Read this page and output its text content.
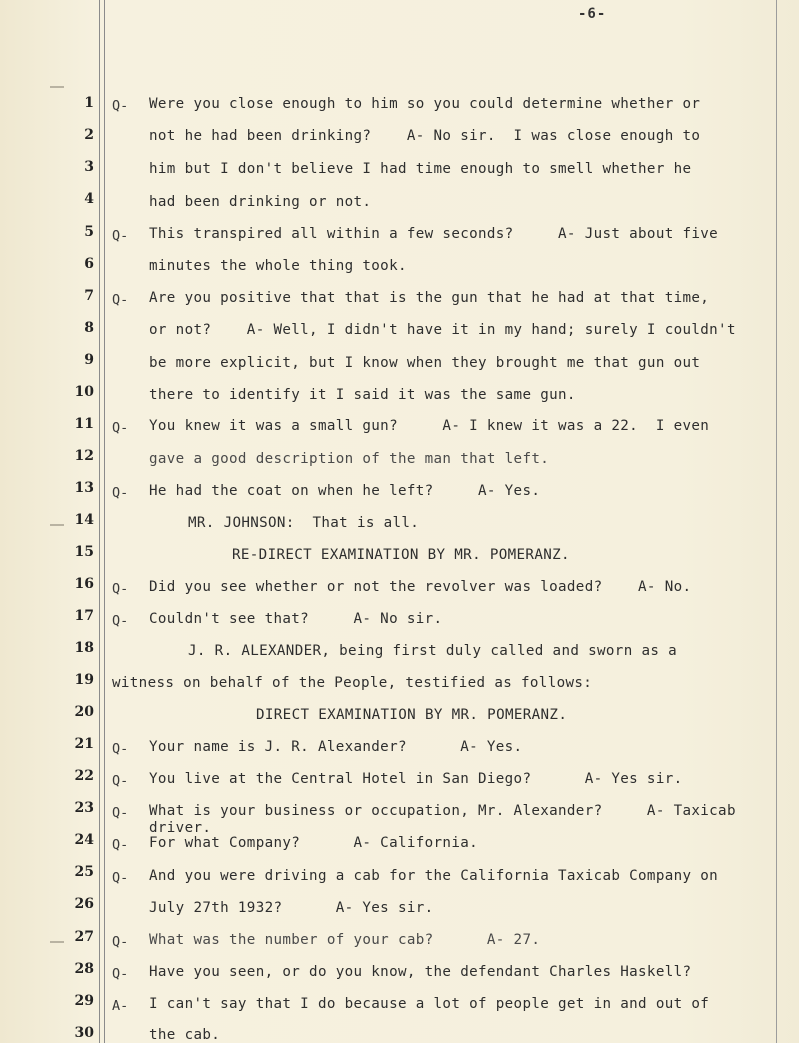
-6-
1
2
3
4
5
6
7
8
9
10
11
12
13
14
15
16
17
18
19
20
21
22
23
24
25
26
27
28
29
30
Q-
Q-
Q-
Q-
Q-
Q-
Q-
Q-
Q-
Q-
Q-
Q-
Q-
Q-
A-
Were you close enough to him so you could determine whether or
not he had been drinking?    A- No sir.  I was close enough to
him but I don't believe I had time enough to smell whether he
had been drinking or not.
This transpired all within a few seconds?     A- Just about five
minutes the whole thing took.
Are you positive that that is the gun that he had at that time,
or not?    A- Well, I didn't have it in my hand; surely I couldn't
be more explicit, but I know when they brought me that gun out
there to identify it I said it was the same gun.
You knew it was a small gun?     A- I knew it was a 22.  I even
gave a good description of the man that left.
He had the coat on when he left?     A- Yes.
MR. JOHNSON:  That is all.
RE-DIRECT EXAMINATION BY MR. POMERANZ.
Did you see whether or not the revolver was loaded?    A- No.
Couldn't see that?     A- No sir.
J. R. ALEXANDER, being first duly called and sworn as a
witness on behalf of the People, testified as follows:
DIRECT EXAMINATION BY MR. POMERANZ.
Your name is J. R. Alexander?      A- Yes.
You live at the Central Hotel in San Diego?      A- Yes sir.
What is your business or occupation, Mr. Alexander?     A- Taxicab
driver.
For what Company?      A- California.
And you were driving a cab for the California Taxicab Company on
July 27th 1932?      A- Yes sir.
What was the number of your cab?      A- 27.
Have you seen, or do you know, the defendant Charles Haskell?
I can't say that I do because a lot of people get in and out of
the cab.
